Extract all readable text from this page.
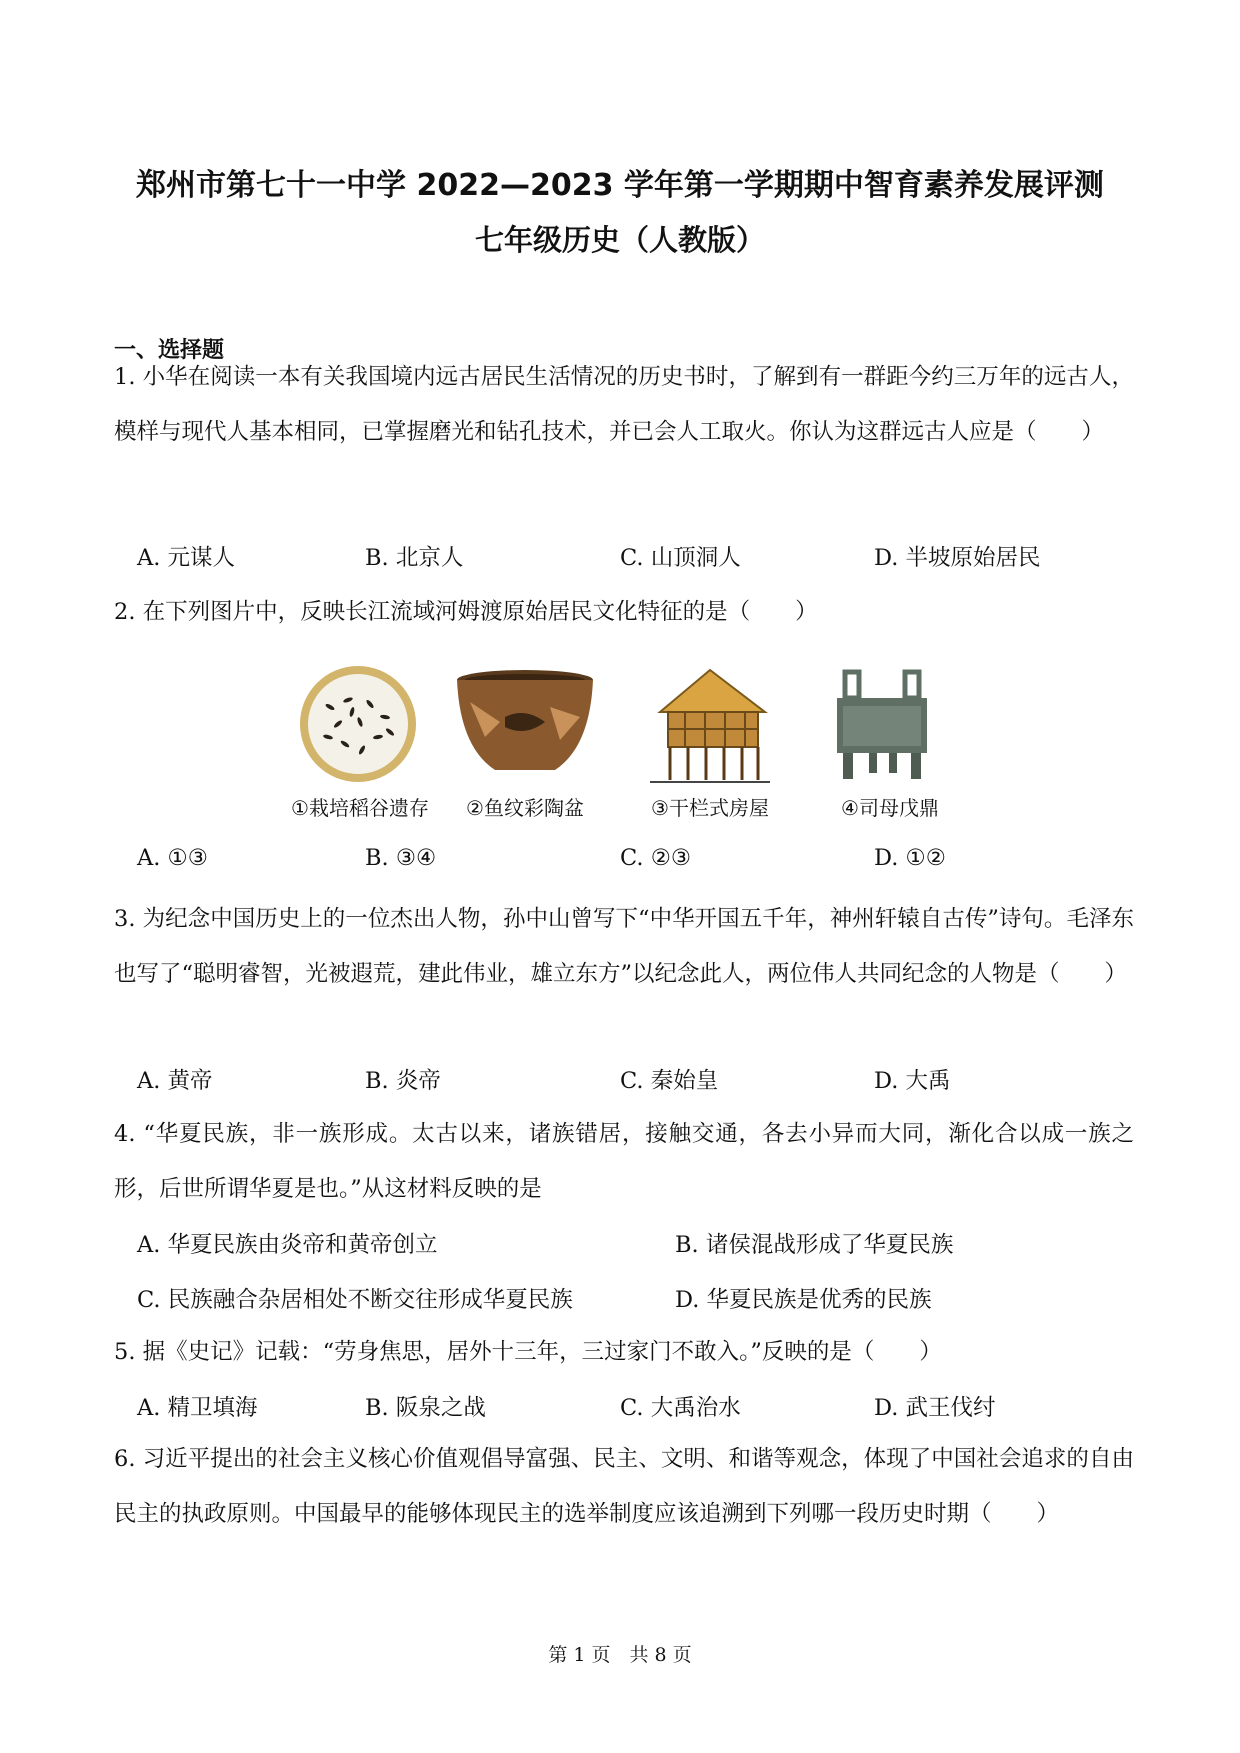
郑州市第七十一中学 2022—2023 学年第一学期期中智育素养发展评测
七年级历史（人教版）
一、选择题
1. 小华在阅读一本有关我国境内远古居民生活情况的历史书时，了解到有一群距今约三万年的远古人，模样与现代人基本相同，已掌握磨光和钻孔技术，并已会人工取火。你认为这群远古人应是（　　）
A. 元谋人	B. 北京人	C. 山顶洞人	D. 半坡原始居民
2. 在下列图片中，反映长江流域河姆渡原始居民文化特征的是（　　）
①栽培稻谷遗存	②鱼纹彩陶盆	③干栏式房屋	④司母戊鼎
A. ①③	B. ③④	C. ②③	D. ①②
3. 为纪念中国历史上的一位杰出人物，孙中山曾写下“中华开国五千年，神州轩辕自古传”诗句。毛泽东也写了“聪明睿智，光被遐荒，建此伟业，雄立东方”以纪念此人，两位伟人共同纪念的人物是（　　）
A. 黄帝	B. 炎帝	C. 秦始皇	D. 大禹
4. “华夏民族，非一族形成。太古以来，诸族错居，接触交通，各去小异而大同，渐化合以成一族之形，后世所谓华夏是也。”从这材料反映的是
A. 华夏民族由炎帝和黄帝创立	B. 诸侯混战形成了华夏民族
C. 民族融合杂居相处不断交往形成华夏民族	D. 华夏民族是优秀的民族
5. 据《史记》记载：“劳身焦思，居外十三年，三过家门不敢入。”反映的是（　　）
A. 精卫填海	B. 阪泉之战	C. 大禹治水	D. 武王伐纣
6. 习近平提出的社会主义核心价值观倡导富强、民主、文明、和谐等观念，体现了中国社会追求的自由民主的执政原则。中国最早的能够体现民主的选举制度应该追溯到下列哪一段历史时期（　　）
第 1 页　共 8 页
